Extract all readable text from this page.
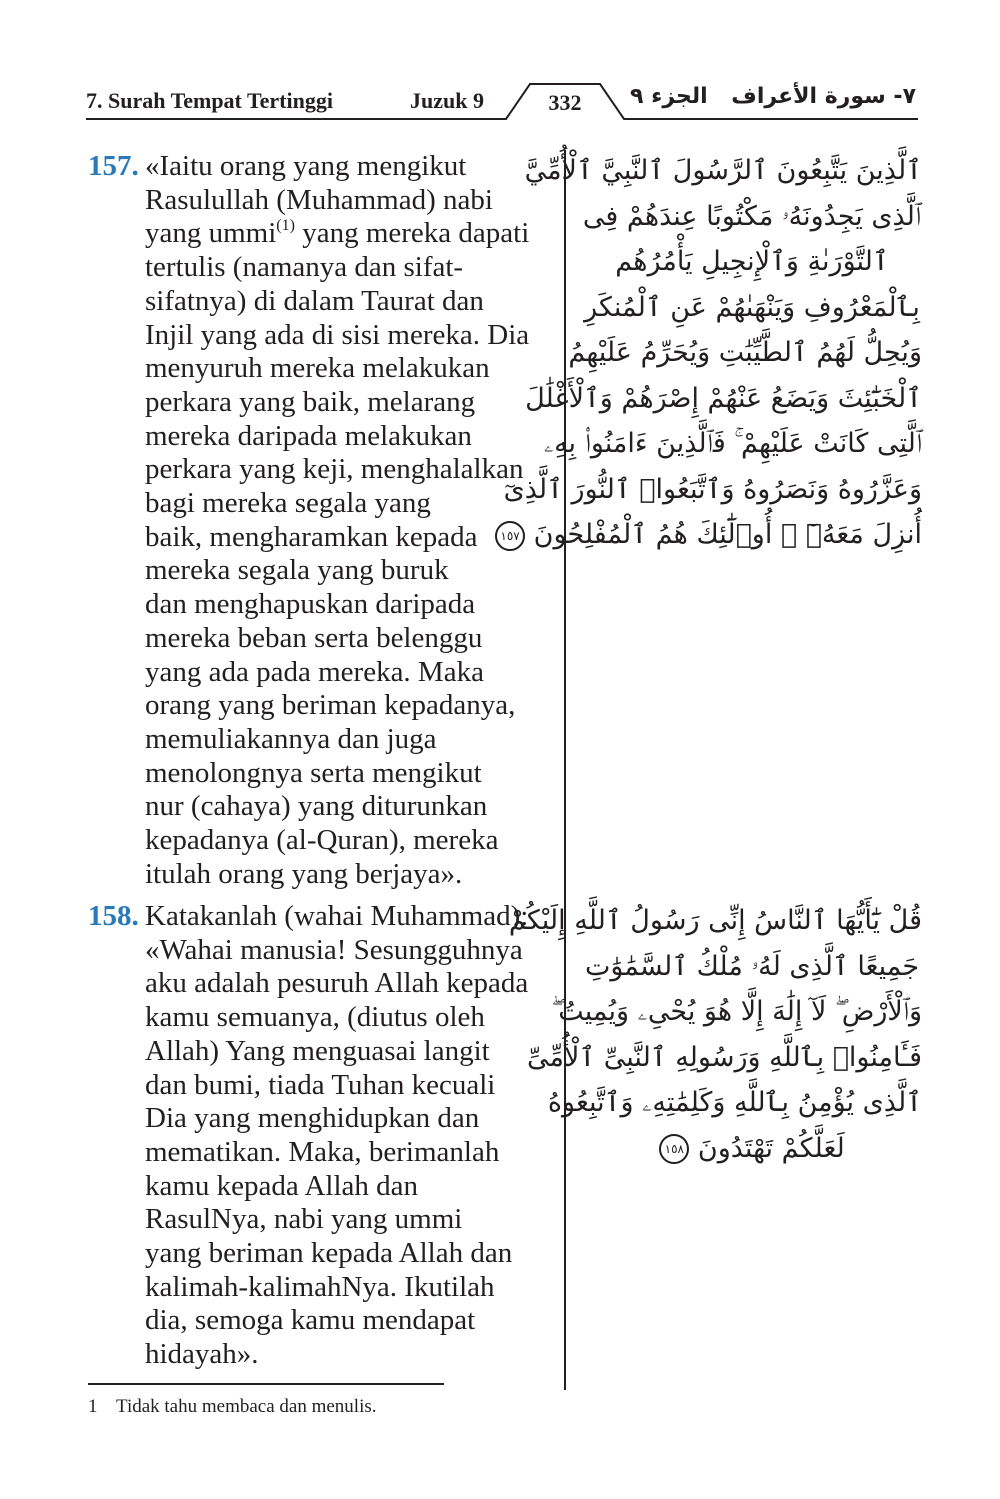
7. Surah Tempat Tertinggi	Juzuk 9	332	الجزء ٩ ٧- سورة الأعراف
157. «Iaitu orang yang mengikut
Rasulullah (Muhammad) nabi
yang ummi$^{(1)}$ yang mereka dapati
tertulis (namanya dan sifat-
sifatnya) di dalam Taurat dan
Injil yang ada di sisi mereka. Dia
menyuruh mereka melakukan
perkara yang baik, melarang
mereka daripada melakukan
perkara yang keji, menghalalkan
bagi mereka segala yang
baik, mengharamkan kepada
mereka segala yang buruk
dan menghapuskan daripada
mereka beban serta belenggu
yang ada pada mereka. Maka
orang yang beriman kepadanya,
memuliakannya dan juga
menolongnya serta mengikut
nur (cahaya) yang diturunkan
kepadanya (al-Quran), mereka
itulah orang yang berjaya».
ٱلَّذِينَ يَتَّبِعُونَ ٱلرَّسُولَ ٱلنَّبِيَّ ٱلْأُمِّيَّ
ٱلَّذِى يَجِدُونَهُۥ مَكْتُوبًا عِندَهُمْ فِى
ٱلتَّوْرَىٰةِ وَٱلْإِنجِيلِ يَأْمُرُهُم
بِٱلْمَعْرُوفِ وَيَنْهَىٰهُمْ عَنِ ٱلْمُنكَرِ
وَيُحِلُّ لَهُمُ ٱلطَّيِّبَٰتِ وَيُحَرِّمُ عَلَيْهِمُ
ٱلْخَبَٰٓئِثَ وَيَضَعُ عَنْهُمْ إِصْرَهُمْ وَٱلْأَغْلَٰلَ
ٱلَّتِى كَانَتْ عَلَيْهِمْ ۚ فَٱلَّذِينَ ءَامَنُوا۟ بِهِۦ
وَعَزَّرُوهُ وَنَصَرُوهُ وَٱتَّبَعُوا۟ ٱلنُّورَ ٱلَّذِىٓ
أُنزِلَ مَعَهُۥٓ ۙ أُو۟لَٰٓئِكَ هُمُ ٱلْمُفْلِحُونَ ١٥٧
158. Katakanlah (wahai Muhammad):
«Wahai manusia! Sesungguhnya
aku adalah pesuruh Allah kepada
kamu semuanya, (diutus oleh
Allah) Yang menguasai langit
dan bumi, tiada Tuhan kecuali
Dia yang menghidupkan dan
mematikan. Maka, berimanlah
kamu kepada Allah dan
RasulNya, nabi yang ummi
yang beriman kepada Allah dan
kalimah-kalimahNya. Ikutilah
dia, semoga kamu mendapat
hidayah».
قُلْ يَٰٓأَيُّهَا ٱلنَّاسُ إِنِّى رَسُولُ ٱللَّهِ إِلَيْكُمْ
جَمِيعًا ٱلَّذِى لَهُۥ مُلْكُ ٱلسَّمَٰوَٰتِ
وَٱلْأَرْضِ ۖ لَآ إِلَٰهَ إِلَّا هُوَ يُحْىِۦ وَيُمِيتُ ۖ
فَـَٔامِنُوا۟ بِٱللَّهِ وَرَسُولِهِ ٱلنَّبِىِّ ٱلْأُمِّىِّ
ٱلَّذِى يُؤْمِنُ بِٱللَّهِ وَكَلِمَٰتِهِۦ وَٱتَّبِعُوهُ
لَعَلَّكُمْ تَهْتَدُونَ ١٥٨
1 Tidak tahu membaca dan menulis.
